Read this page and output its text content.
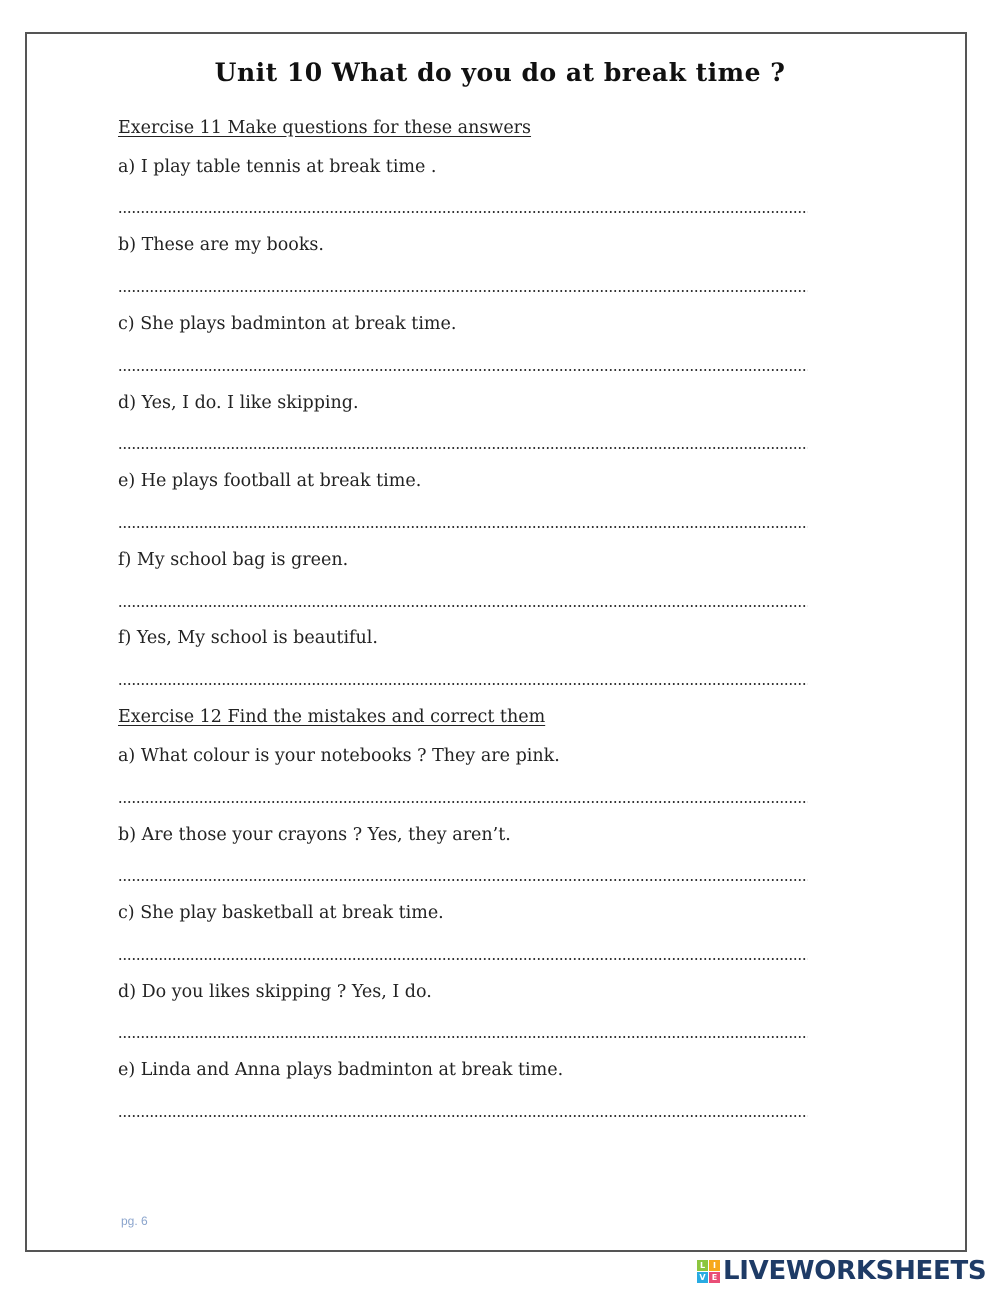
Unit 10 What do you do at break time ?
Exercise 11 Make questions for these answers
a) I play table tennis at break time .
b) These are my books.
c) She plays badminton at break time.
d) Yes, I do. I like skipping.
e) He plays football at break time.
f) My school bag is green.
f) Yes, My school is beautiful.
Exercise 12 Find the mistakes and correct them
a) What colour is your notebooks ? They are pink.
b) Are those your crayons ? Yes, they aren’t.
c) She play basketball at break time.
d) Do you likes skipping ? Yes, I do.
e) Linda and Anna plays badminton at break time.
pg. 6
L I
V E LIVEWORKSHEETS
